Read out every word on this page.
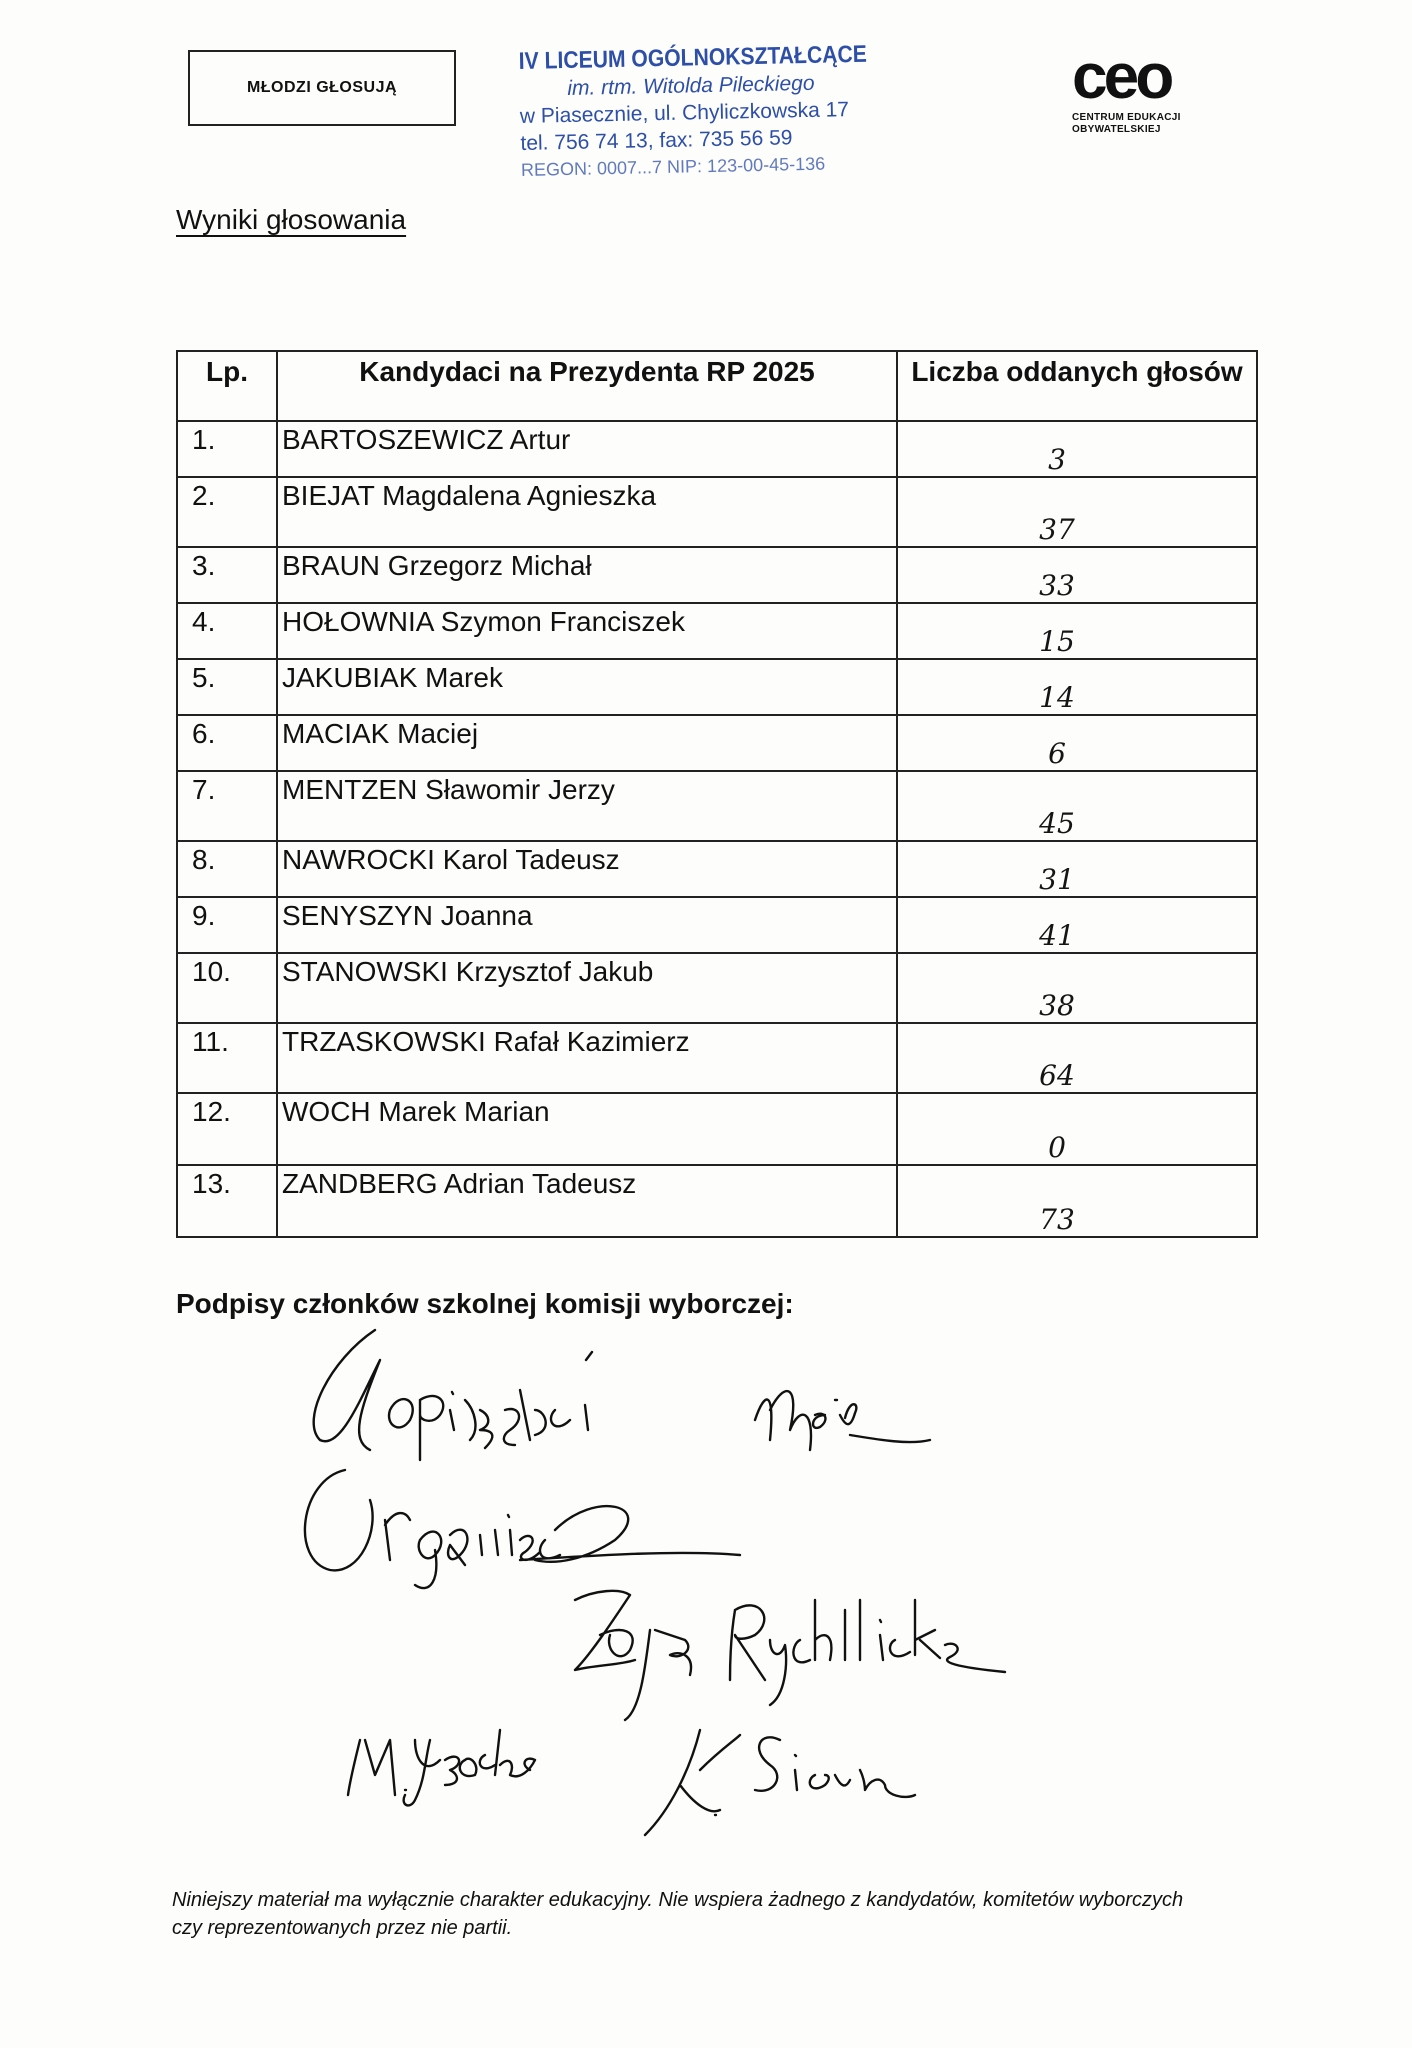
MŁODZI GŁOSUJĄ
IV LICEUM OGÓLNOKSZTAŁCĄCE
im. rtm. Witolda Pileckiego
w Piasecznie, ul. Chyliczkowska 17
tel. 756 74 13, fax: 735 56 59
REGON: 0007...7 NIP: 123-00-45-136
ceo
CENTRUM EDUKACJI
OBYWATELSKIEJ
Wyniki głosowania
Lp.	Kandydaci na Prezydenta RP 2025	Liczba oddanych głosów
1.	BARTOSZEWICZ Artur	3
2.	BIEJAT Magdalena Agnieszka	37
3.	BRAUN Grzegorz Michał	33
4.	HOŁOWNIA Szymon Franciszek	15
5.	JAKUBIAK Marek	14
6.	MACIAK Maciej	6
7.	MENTZEN Sławomir Jerzy	45
8.	NAWROCKI Karol Tadeusz	31
9.	SENYSZYN Joanna	41
10.	STANOWSKI Krzysztof Jakub	38
11.	TRZASKOWSKI Rafał Kazimierz	64
12.	WOCH Marek Marian	0
13.	ZANDBERG Adrian Tadeusz	73
Podpisy członków szkolnej komisji wyborczej:
Niniejszy materiał ma wyłącznie charakter edukacyjny. Nie wspiera żadnego z kandydatów, komitetów wyborczych czy reprezentowanych przez nie partii.
